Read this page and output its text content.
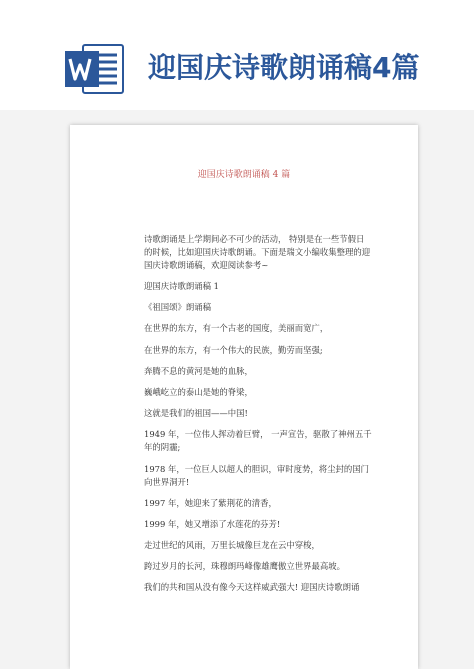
迎国庆诗歌朗诵稿4篇
迎国庆诗歌朗诵稿 4 篇

诗歌朗诵是上学期间必不可少的活动， 特别是在一些节假日的时候，比如迎国庆诗歌朗诵。下面是瑞文小编收集整理的迎国庆诗歌朗诵稿，欢迎阅读参考~

迎国庆诗歌朗诵稿 1

《祖国颂》朗诵稿

在世界的东方，有一个古老的国度，美丽而宽广，

在世界的东方，有一个伟大的民族，勤劳而坚强;

奔腾不息的黄河是她的血脉，

巍峨屹立的泰山是她的脊梁，

这就是我们的祖国——中国!

1949 年，一位伟人挥动着巨臂， 一声宣告，驱散了神州五千年的阴霾;

1978 年，一位巨人以超人的胆识，审时度势，将尘封的国门向世界洞开!

1997 年，她迎来了紫荆花的清香，

1999 年，她又增添了水莲花的芬芳!

走过世纪的风雨，万里长城像巨龙在云中穿梭，

跨过岁月的长河，珠穆朗玛峰像雄鹰傲立世界最高坡。

我们的共和国从没有像今天这样威武强大! 迎国庆诗歌朗诵
